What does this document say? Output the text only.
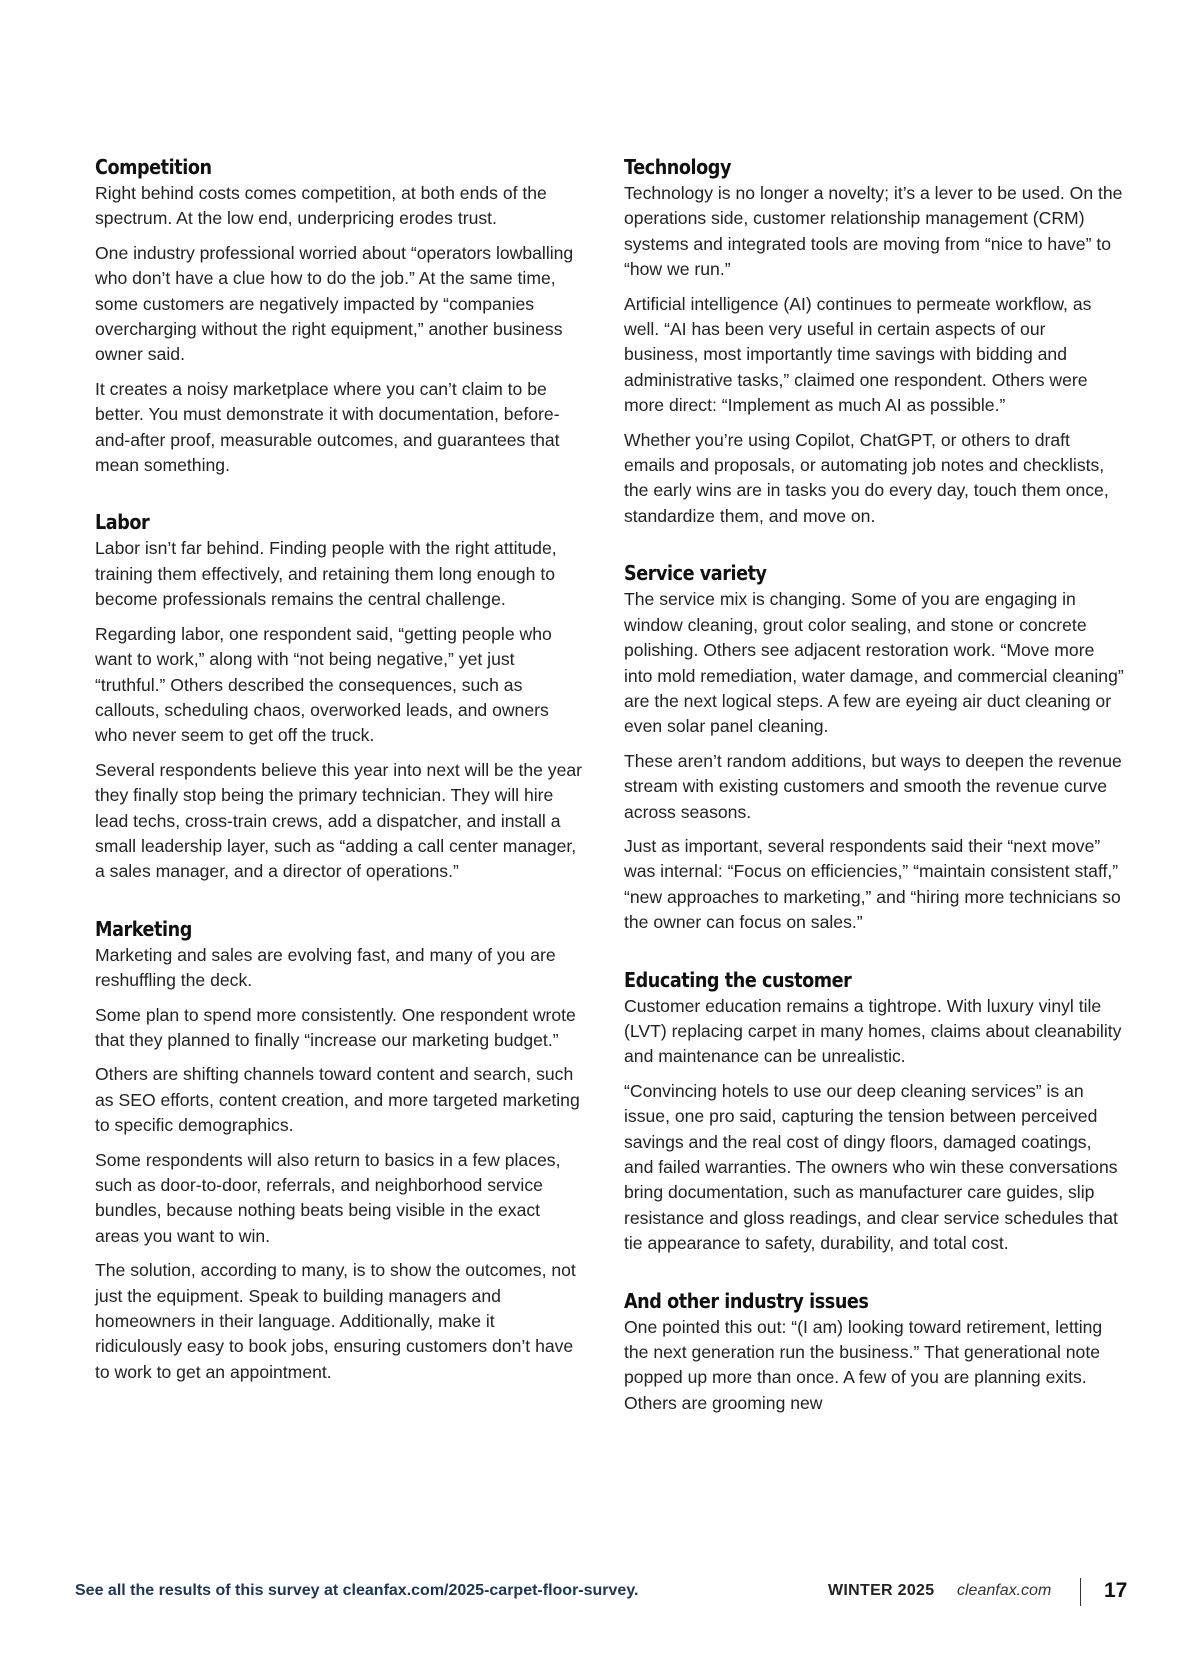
Competition

Right behind costs comes competition, at both ends of the spectrum. At the low end, underpricing erodes trust.

One industry professional worried about “operators lowballing who don’t have a clue how to do the job.” At the same time, some customers are negatively impacted by “companies overcharging without the right equipment,” another business owner said.

It creates a noisy marketplace where you can’t claim to be better. You must demonstrate it with documentation, before-and-after proof, measurable outcomes, and guarantees that mean something.

Labor

Labor isn’t far behind. Finding people with the right attitude, training them effectively, and retaining them long enough to become professionals remains the central challenge.

Regarding labor, one respondent said, “getting people who want to work,” along with “not being negative,” yet just “truthful.” Others described the consequences, such as callouts, scheduling chaos, overworked leads, and owners who never seem to get off the truck.

Several respondents believe this year into next will be the year they finally stop being the primary technician. They will hire lead techs, cross-train crews, add a dispatcher, and install a small leadership layer, such as “adding a call center manager, a sales manager, and a director of operations.”

Marketing

Marketing and sales are evolving fast, and many of you are reshuffling the deck.

Some plan to spend more consistently. One respondent wrote that they planned to finally “increase our marketing budget.”

Others are shifting channels toward content and search, such as SEO efforts, content creation, and more targeted marketing to specific demographics.

Some respondents will also return to basics in a few places, such as door-to-door, referrals, and neighborhood service bundles, because nothing beats being visible in the exact areas you want to win.

The solution, according to many, is to show the outcomes, not just the equipment. Speak to building managers and homeowners in their language. Additionally, make it ridiculously easy to book jobs, ensuring customers don’t have to work to get an appointment.

Technology

Technology is no longer a novelty; it’s a lever to be used. On the operations side, customer relationship management (CRM) systems and integrated tools are moving from “nice to have” to “how we run.”

Artificial intelligence (AI) continues to permeate workflow, as well. “AI has been very useful in certain aspects of our business, most importantly time savings with bidding and administrative tasks,” claimed one respondent. Others were more direct: “Implement as much AI as possible.”

Whether you’re using Copilot, ChatGPT, or others to draft emails and proposals, or automating job notes and checklists, the early wins are in tasks you do every day, touch them once, standardize them, and move on.

Service variety

The service mix is changing. Some of you are engaging in window cleaning, grout color sealing, and stone or concrete polishing. Others see adjacent restoration work. “Move more into mold remediation, water damage, and commercial cleaning” are the next logical steps. A few are eyeing air duct cleaning or even solar panel cleaning.

These aren’t random additions, but ways to deepen the revenue stream with existing customers and smooth the revenue curve across seasons.

Just as important, several respondents said their “next move” was internal: “Focus on efficiencies,” “maintain consistent staff,” “new approaches to marketing,” and “hiring more technicians so the owner can focus on sales.”

Educating the customer

Customer education remains a tightrope. With luxury vinyl tile (LVT) replacing carpet in many homes, claims about cleanability and maintenance can be unrealistic.

“Convincing hotels to use our deep cleaning services” is an issue, one pro said, capturing the tension between perceived savings and the real cost of dingy floors, damaged coatings, and failed warranties. The owners who win these conversations bring documentation, such as manufacturer care guides, slip resistance and gloss readings, and clear service schedules that tie appearance to safety, durability, and total cost.

And other industry issues

One pointed this out: “(I am) looking toward retirement, letting the next generation run the business.” That generational note popped up more than once. A few of you are planning exits. Others are grooming new

See all the results of this survey at cleanfax.com/2025-carpet-floor-survey.	WINTER 2025 cleanfax.com	17
